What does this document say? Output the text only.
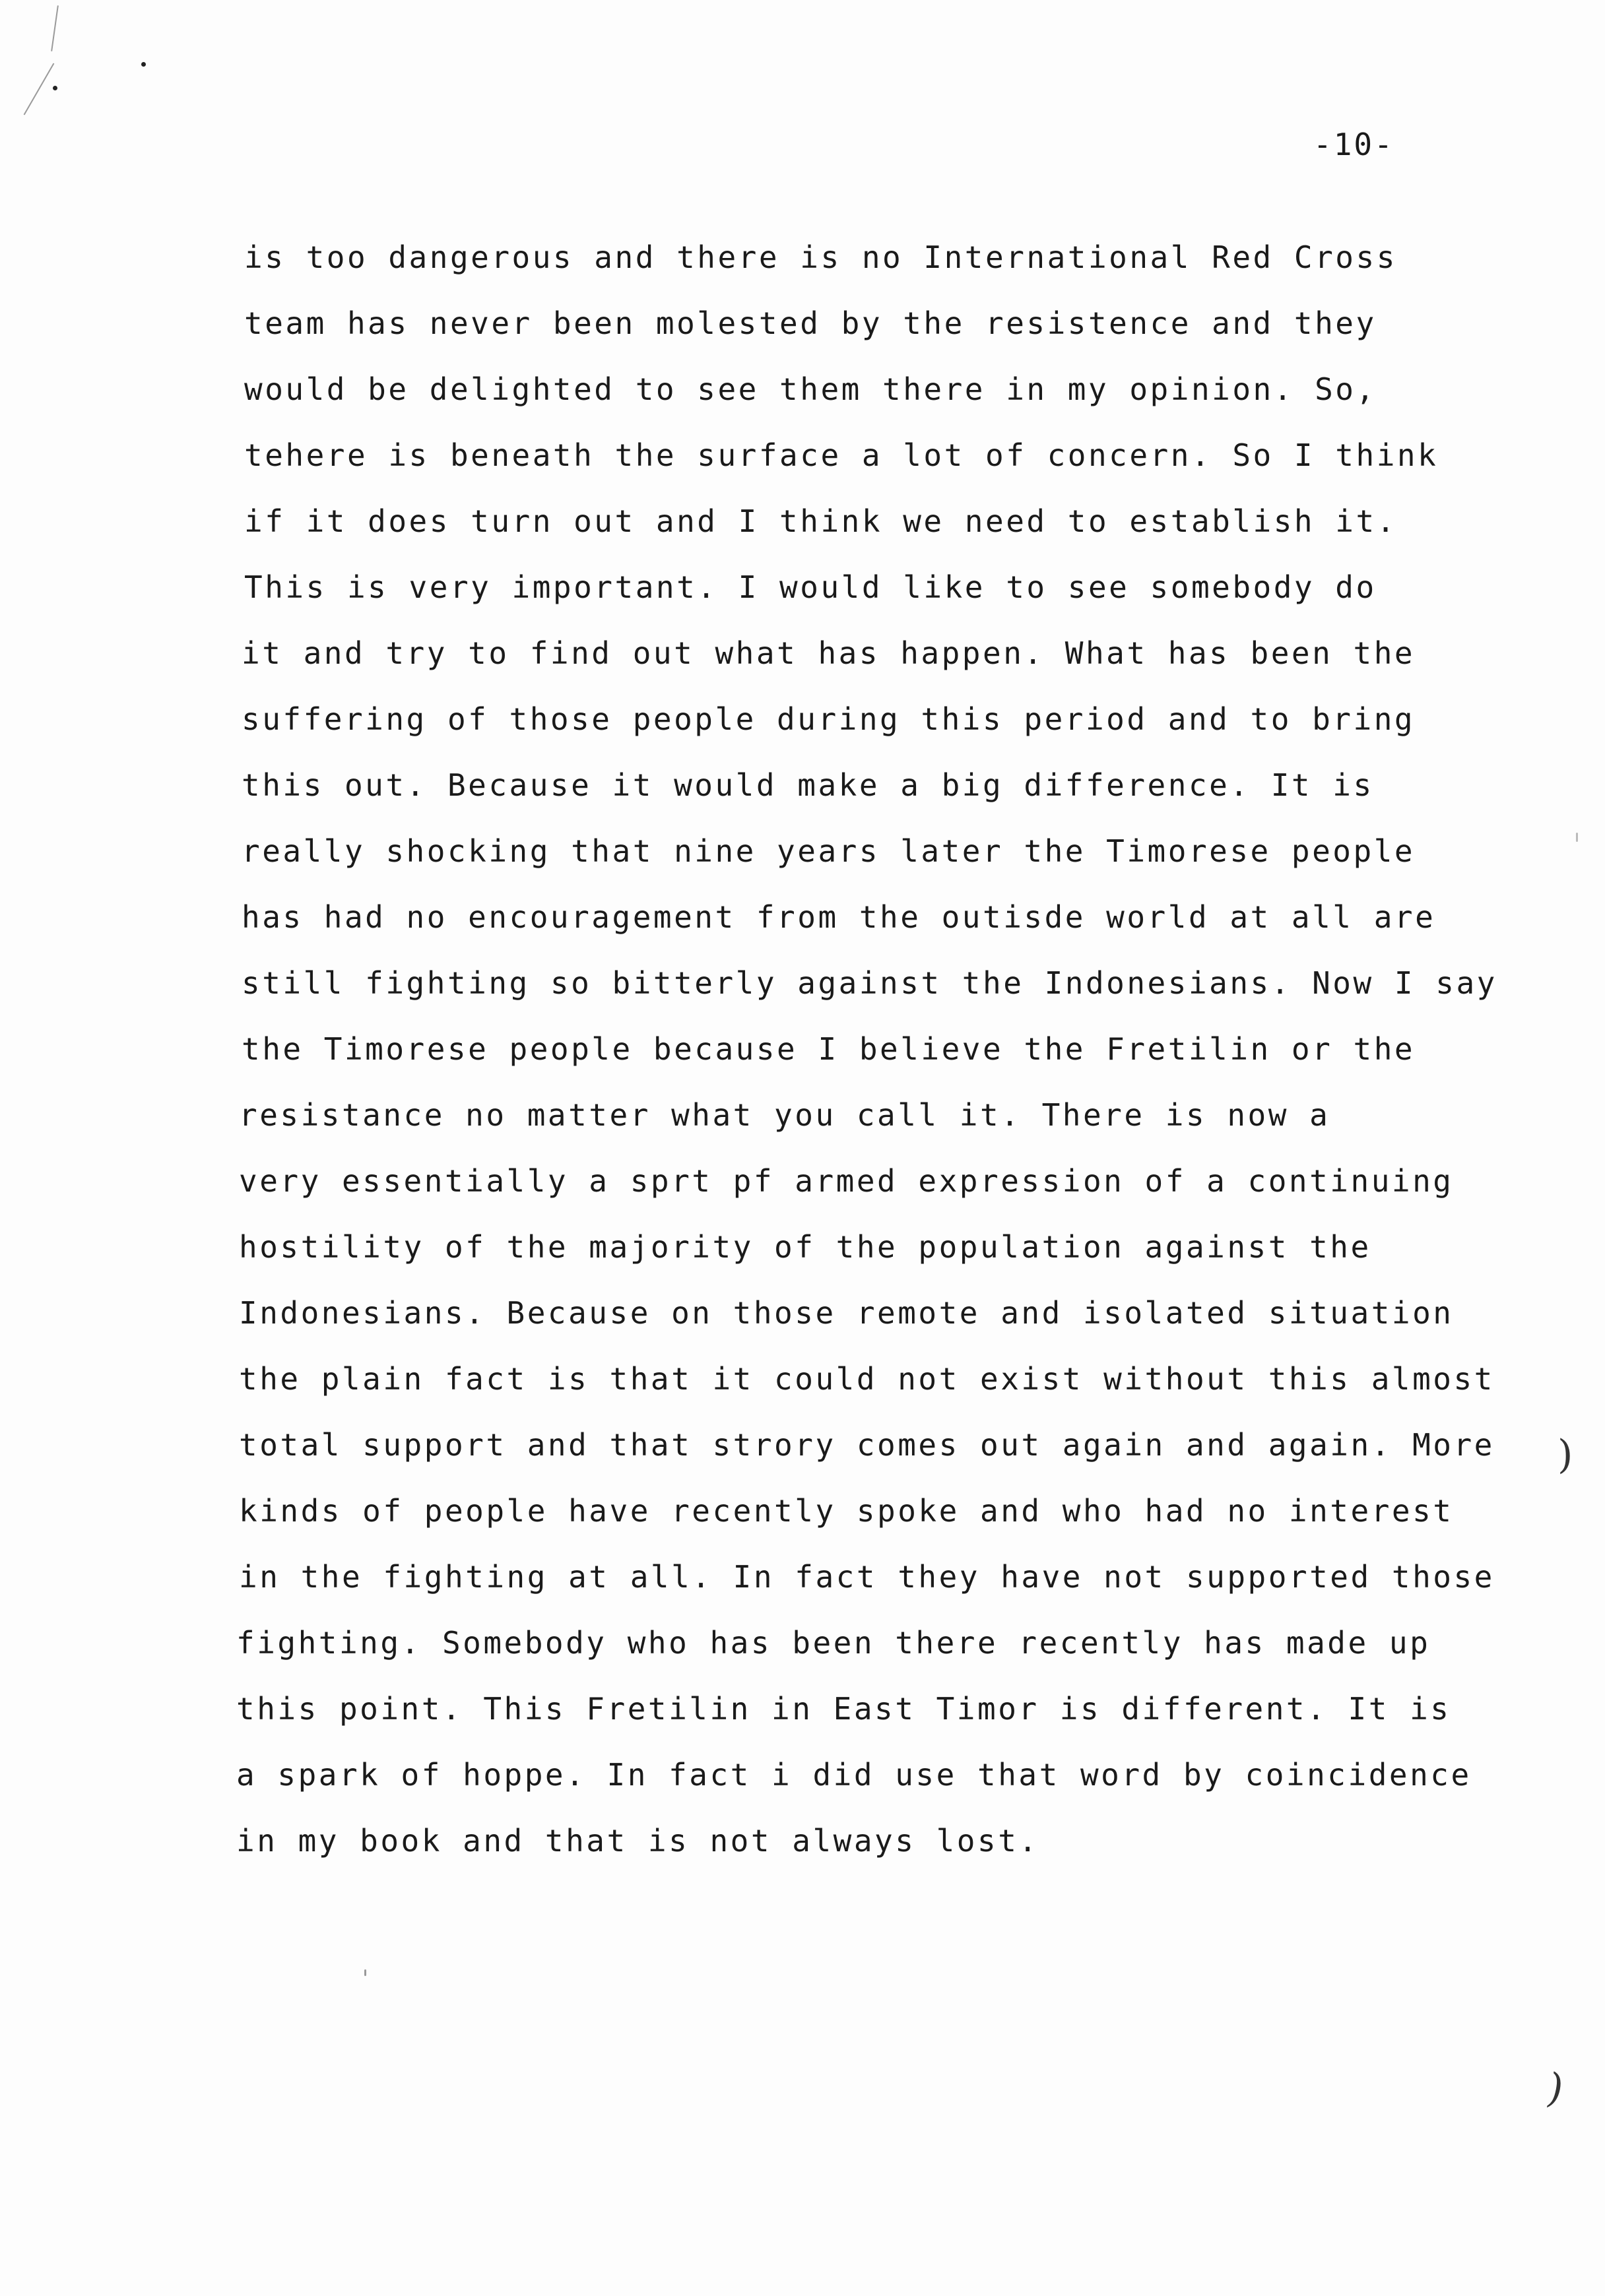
-10-
is too dangerous and there is no International Red Cross
team has never been molested by the resistence and they
would be delighted to see them there in my opinion. So,
tehere is beneath the surface a lot of concern. So I think
if it does turn out and I think we need to establish it.
This is very important. I would like to see somebody do
it and try to find out what has happen. What has been the
suffering of those people during this period and to bring
this out. Because it would make a big difference. It is
really shocking that nine years later the Timorese people
has had no encouragement from the outisde world at all are
still fighting so bitterly against the Indonesians. Now I say
the Timorese people because I believe the Fretilin or the
resistance no matter what you call it. There is now a
very essentially a sprt pf armed expression of a continuing
hostility of the majority of the population against the
Indonesians. Because on those remote and isolated situation
the plain fact is that it could not exist without this almost
total support and that strory comes out again and again. More
kinds of people have recently spoke and who had no interest
in the fighting at all. In fact they have not supported those
fighting. Somebody who has been there recently has made up
this point. This Fretilin in East Timor is different. It is
a spark of hoppe. In fact i did use that word by coincidence
in my book and that is not always lost.
)
)
